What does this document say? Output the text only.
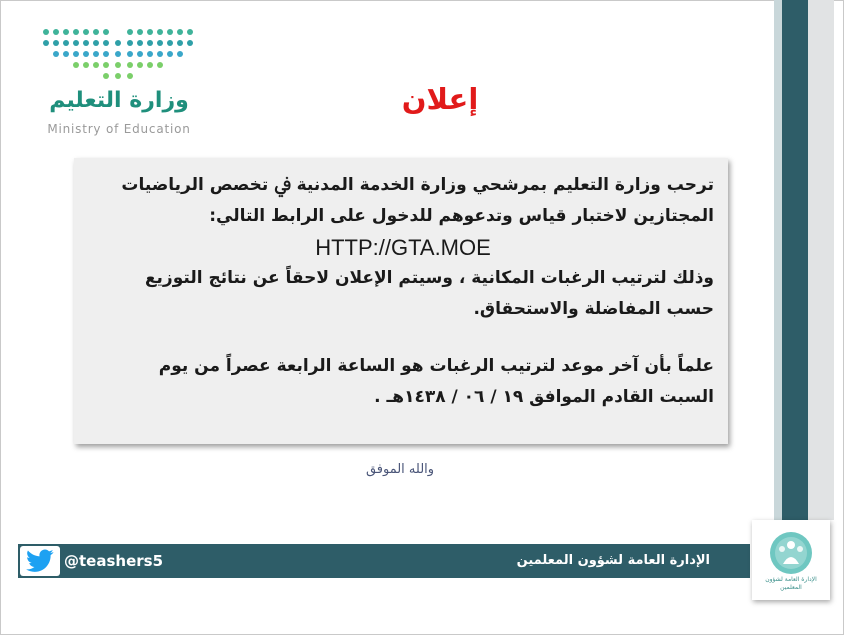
وزارة التعليم
Ministry of Education
إعلان
ترحب وزارة التعليم بمرشحي وزارة الخدمة المدنية ﰲ تخصص الرياضيات
المجتازين لاختبار قياس وتدعوهم للدخول على الرابط التالي:
HTTP://GTA.MOE
وذلك لترتيب الرغبات المكانية ، وسيتم الإعلان لاحقاً عن نتائج التوزيع
حسب المفاضلة والاستحقاق.
علماً بأن آخر موعد لترتيب الرغبات هو الساعة الرابعة عصراً من يوم
السبت القادم الموافق ١٩ / ٠٦ / ١٤٣٨هـ .
والله الموفق
@teashers5	الإدارة العامة لشؤون المعلمين
الإدارة العامة لشؤون المعلمين
